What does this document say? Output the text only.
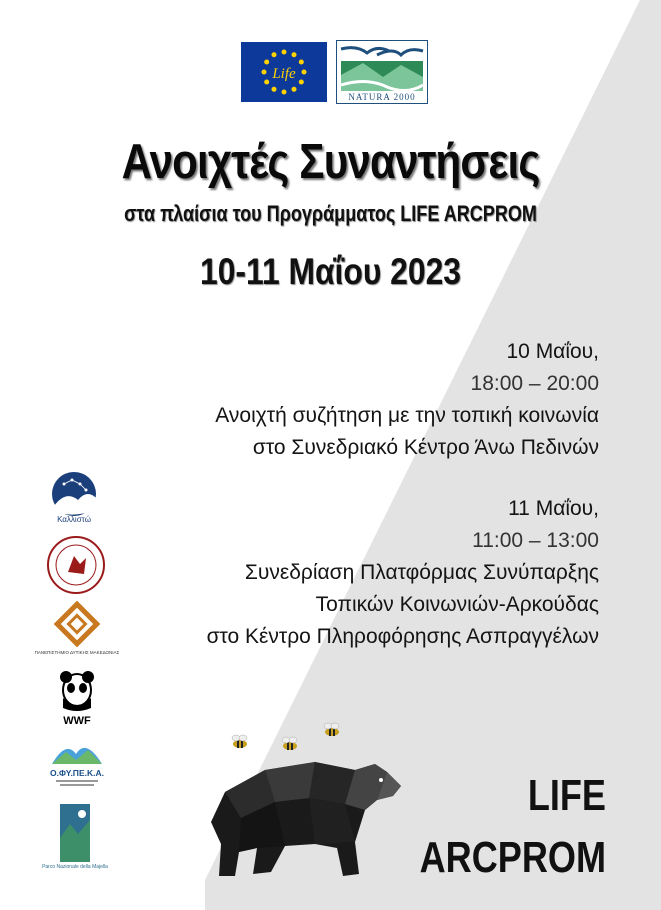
Life
NATURA 2000
Ανοιχτές Συναντήσεις
στα πλαίσια του Προγράμματος LIFE ARCPROM
10-11 Μαΐου 2023
10 Μαΐου,
18:00 – 20:00
Ανοιχτή συζήτηση με την τοπική κοινωνία
στο Συνεδριακό Κέντρο Άνω Πεδινών
11 Μαΐου,
11:00 – 13:00
Συνεδρίαση Πλατφόρμας Συνύπαρξης
Τοπικών Κοινωνιών-Αρκούδας
στο Κέντρο Πληροφόρησης Ασπραγγέλων
Καλλιστώ
ΠΑΝΕΠΙΣΤΗΜΙΟ ΔΥΤΙΚΗΣ ΜΑΚΕΔΟΝΙΑΣ
WWF
Ο.ΦΥ.ΠΕ.Κ.Α.
Parco Nazionale della Majella
LIFE
ARCPROM
